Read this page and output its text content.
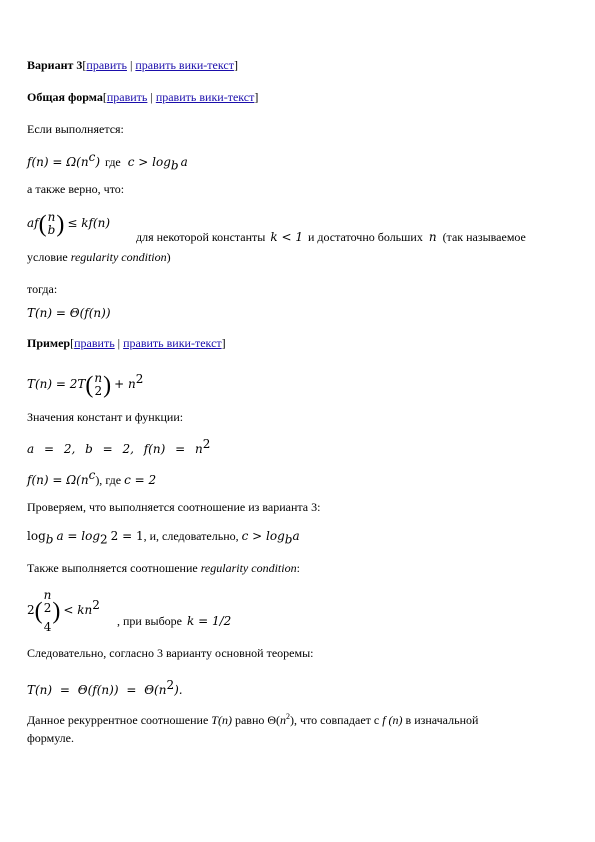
Вариант 3[править | править вики-текст]
Общая форма[править | править вики-текст]
Если выполняется:
$f(n) = \Omega(n^c)$ где $c > \log_b a$
а также верно, что:
af( n
b ) ≤ kf(n)
для некоторой константы k < 1 и достаточно больших n (так называемое
условие regularity condition)
тогда:
T(n) = Θ(f(n))
Пример[править | править вики-текст]
T(n) = 2T( n
2 ) + $n^2$
Значения констант и функции:
a = 2, b = 2, $f(n) = n^2$
$f(n) = \Omega(n^c)$, где c = 2
Проверяем, что выполняется соотношение из варианта 3:
$\log_b a = \log_2 2 = 1$, и, следовательно, $c > \log_ba$
Также выполняется соотношение regularity condition:
2(
n
$^2$
4
) < $kn^2$
, при выборе k = 1/2
Следовательно, согласно 3 варианту основной теоремы:
$T(n) = \Theta(f(n)) = \Theta(n^2)$.
Данное рекуррентное соотношение T(n) равно $\Theta(n^2)$, что совпадает с f (n) в изначальной
формуле.
